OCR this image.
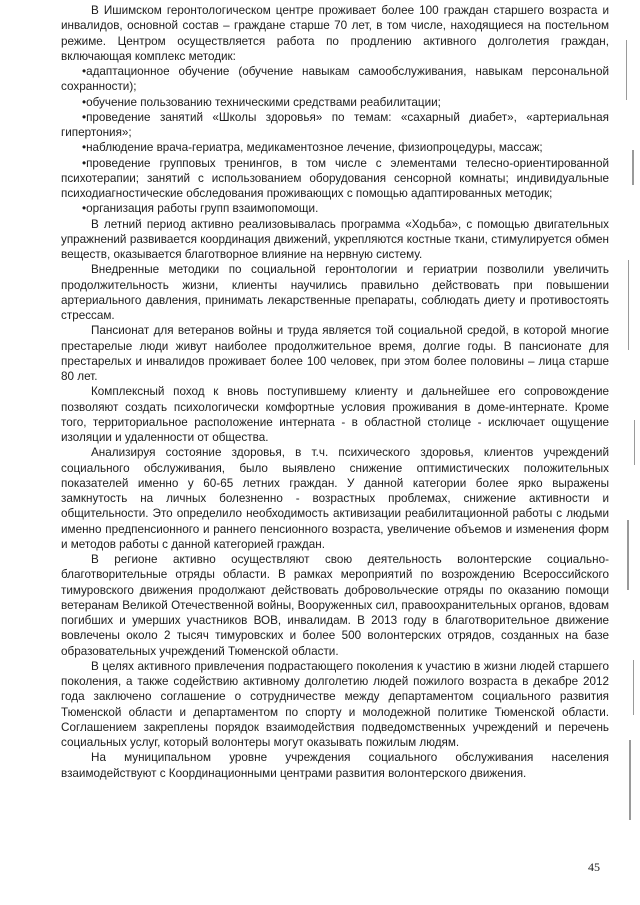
В Ишимском геронтологическом центре проживает более 100 граждан старшего возраста и инвалидов, основной состав – граждане старше 70 лет, в том числе, находящиеся на постельном режиме. Центром осуществляется работа по продлению активного долголетия граждан, включающая комплекс методик:

• адаптационное обучение (обучение навыкам самообслуживания, навыкам персональной сохранности);

• обучение пользованию техническими средствами реабилитации;

• проведение занятий «Школы здоровья» по темам: «сахарный диабет», «артериальная гипертония»;

• наблюдение врача-гериатра, медикаментозное лечение, физиопроцедуры, массаж;

• проведение групповых тренингов, в том числе с элементами телесно-ориентированной психотерапии; занятий с использованием оборудования сенсорной комнаты; индивидуальные психодиагностические обследования проживающих с помощью адаптированных методик;

• организация работы групп взаимопомощи.

В летний период активно реализовывалась программа «Ходьба», с помощью двигательных упражнений развивается координация движений, укрепляются костные ткани, стимулируется обмен веществ, оказывается благотворное влияние на нервную систему.

Внедренные методики по социальной геронтологии и гериатрии позволили увеличить продолжительность жизни, клиенты научились правильно действовать при повышении артериального давления, принимать лекарственные препараты, соблюдать диету и противостоять стрессам.

Пансионат для ветеранов войны и труда является той социальной средой, в которой многие престарелые люди живут наиболее продолжительное время, долгие годы. В пансионате для престарелых и инвалидов проживает более 100 человек, при этом более половины – лица старше 80 лет.

Комплексный поход к вновь поступившему клиенту и дальнейшее его сопровождение позволяют создать психологически комфортные условия проживания в доме-интернате. Кроме того, территориальное расположение интерната - в областной столице - исключает ощущение изоляции и удаленности от общества.

Анализируя состояние здоровья, в т.ч. психического здоровья, клиентов учреждений социального обслуживания, было выявлено снижение оптимистических положительных показателей именно у 60-65 летних граждан. У данной категории более ярко выражены замкнутость на личных болезненно - возрастных проблемах, снижение активности и общительности. Это определило необходимость активизации реабилитационной работы с людьми именно предпенсионного и раннего пенсионного возраста, увеличение объемов и изменения форм и методов работы с данной категорией граждан.

В регионе активно осуществляют свою деятельность волонтерские социально-благотворительные отряды области. В рамках мероприятий по возрождению Всероссийского тимуровского движения продолжают действовать добровольческие отряды по оказанию помощи ветеранам Великой Отечественной войны, Вооруженных сил, правоохранительных органов, вдовам погибших и умерших участников ВОВ, инвалидам. В 2013 году в благотворительное движение вовлечены около 2 тысяч тимуровских и более 500 волонтерских отрядов, созданных на базе образовательных учреждений Тюменской области.

В целях активного привлечения подрастающего поколения к участию в жизни людей старшего поколения, а также содействию активному долголетию людей пожилого возраста в декабре 2012 года заключено соглашение о сотрудничестве между департаментом социального развития Тюменской области и департаментом по спорту и молодежной политике Тюменской области. Соглашением закреплены порядок взаимодействия подведомственных учреждений и перечень социальных услуг, который волонтеры могут оказывать пожилым людям.

На муниципальном уровне учреждения социального обслуживания населения взаимодействуют с Координационными центрами развития волонтерского движения.

45
